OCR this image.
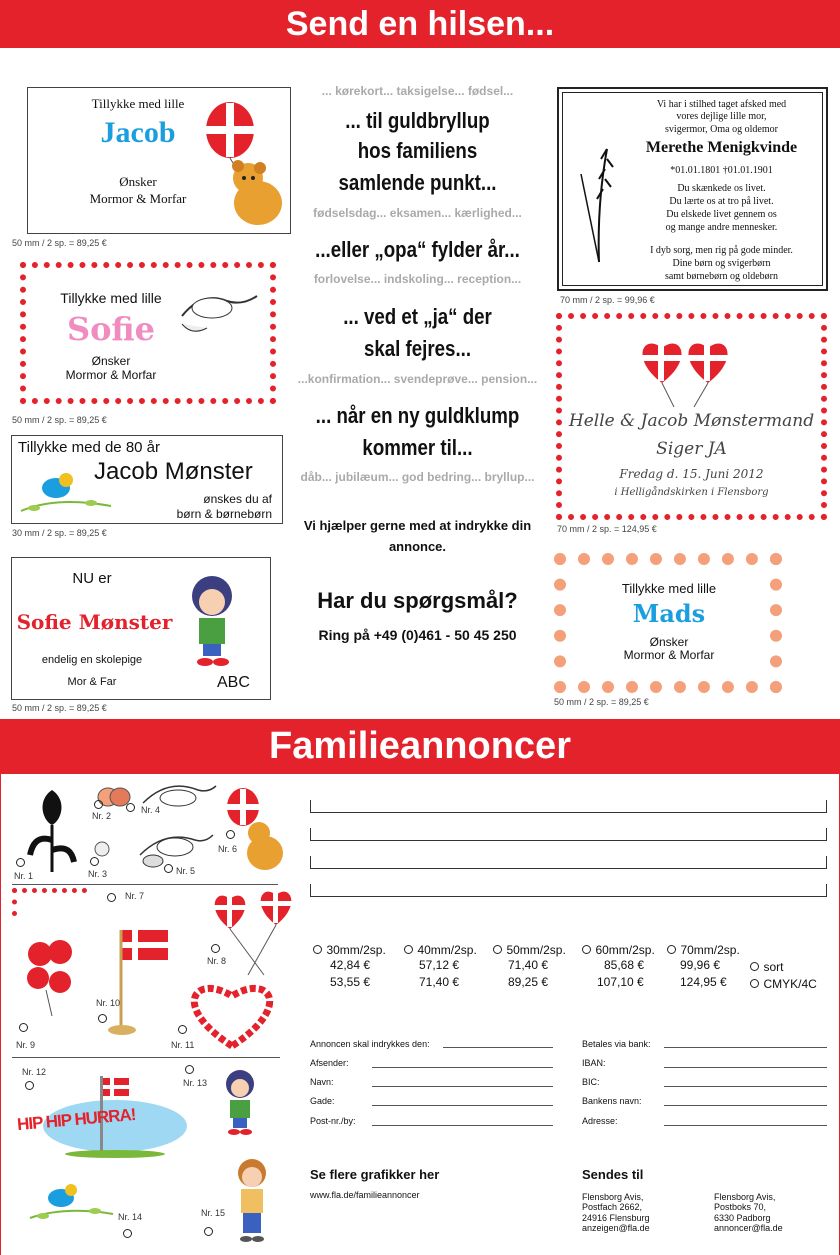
Send en hilsen...
Tillykke med lille
Jacob
Ønsker
Mormor & Morfar
50 mm / 2 sp. = 89,25 €
Tillykke med lille
Sofie
Ønsker
Mormor & Morfar
50 mm / 2 sp. = 89,25 €
Tillykke med de 80 år
Jacob Mønster
ønskes du af
børn & børnebørn
30 mm / 2 sp. = 89,25 €
NU er
Sofie Mønster
endelig en skolepige
Mor & Far	ABC
50 mm / 2 sp. = 89,25 €
... kørekort... taksigelse... fødsel...
... til guldbryllup
hos familiens
samlende punkt...
fødselsdag... eksamen... kærlighed...
...eller „opa“ fylder år...
forlovelse... indskoling... reception...
... ved et „ja“ der
skal fejres...
...konfirmation... svendeprøve... pension...
... når en ny guldklump
kommer til...
dåb... jubilæum... god bedring... bryllup...
Vi hjælper gerne med at indrykke din annonce.
Har du spørgsmål?
Ring på +49 (0)461 - 50 45 250
Vi har i stilhed taget afsked med
vores dejlige lille mor,
svigermor, Oma og oldemor
Merethe Menigkvinde
*01.01.1801 †01.01.1901
Du skænkede os livet.
Du lærte os at tro på livet.
Du elskede livet gennem os
og mange andre mennesker.
I dyb sorg, men rig på gode minder.
Dine børn og svigerbørn
samt børnebørn og oldebørn
70 mm / 2 sp. = 99,96 €
Helle & Jacob Mønstermand
Siger JA
Fredag d. 15. Juni 2012
i Helligåndskirken i Flensborg
70 mm / 2 sp. = 124,95 €
Tillykke med lille
Mads
Ønsker
Mormor & Morfar
50 mm / 2 sp. = 89,25 €
Familieannoncer
Nr. 1
Nr. 2
Nr. 3
Nr. 4
Nr. 5
Nr. 6
Nr. 7
Nr. 8
Nr. 9
Nr. 10
Nr. 11
Nr. 12
HIP HIP HURRA!
Nr. 13
Nr. 14	Nr. 15
30mm/2sp.
42,84 €
53,55 €
40mm/2sp.
57,12 €
71,40 €
50mm/2sp.
71,40 €
89,25 €
60mm/2sp.
85,68 €
107,10 €
70mm/2sp.
99,96 €
124,95 €
sort
CMYK/4C
Annoncen skal indrykkes den:
Afsender:
Navn:
Gade:
Post-nr./by:
Betales via bank:
IBAN:
BIC:
Bankens navn:
Adresse:
Se flere grafikker her
www.fla.de/familieannoncer
Sendes til
Flensborg Avis,
Postfach 2662,
24916 Flensburg
anzeigen@fla.de
Flensborg Avis,
Postboks 70,
6330 Padborg
annoncer@fla.de
